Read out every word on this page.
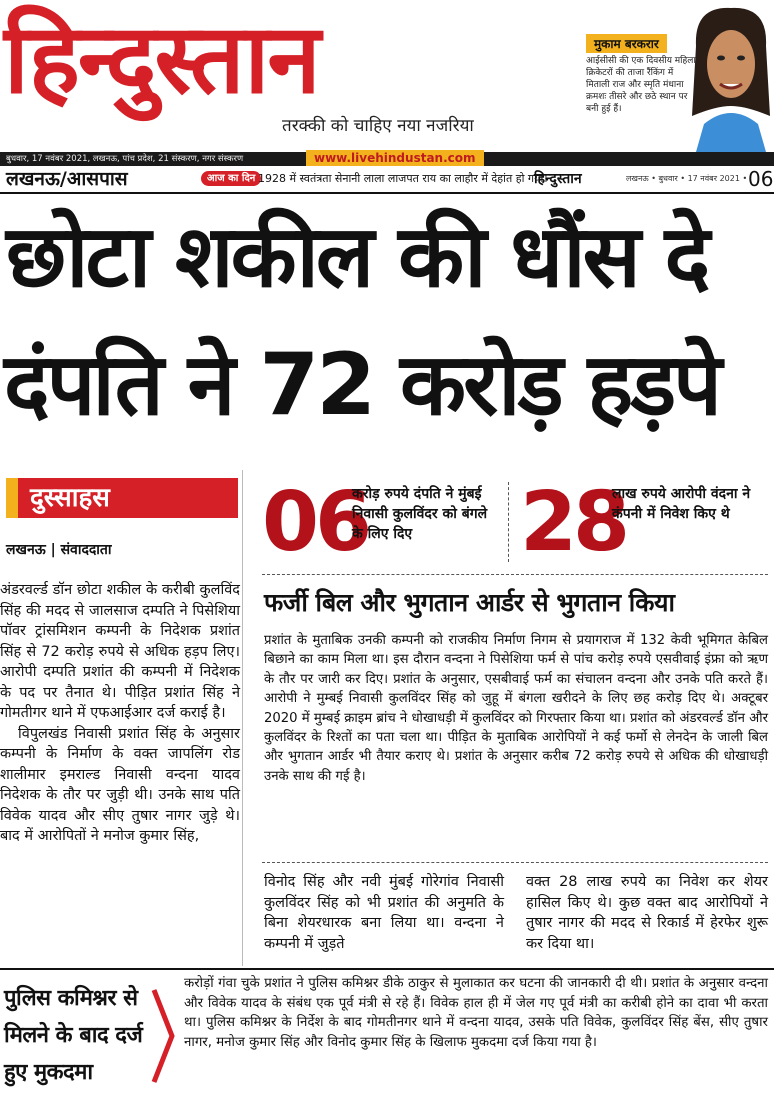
हिन्दुस्तान
तरक्की को चाहिए नया नजरिया
मुकाम बरकरार
आईसीसी की एक दिवसीय महिला क्रिकेटरों की ताजा रैंकिंग में मिताली राज और स्मृति मंधाना क्रमशः तीसरे और छठे स्थान पर बनी हुई हैं।
बुधवार, 17 नवंबर 2021, लखनऊ, पांच प्रदेश, 21 संस्करण, नगर संस्करण	www.livehindustan.com
लखनऊ/आसपास	आज का दिन 1928 में स्वतंत्रता सेनानी लाला लाजपत राय का लाहौर में देहांत हो गया।
हिन्दुस्तान	लखनऊ • बुधवार • 17 नवंबर 2021 • 06
छोटा शकील की धौंस दे
दंपति ने 72 करोड़ हड़पे
दुस्साहस
लखनऊ | संवाददाता

अंडरवर्ल्ड डॉन छोटा शकील के करीबी कुलविंद सिंह की मदद से जालसाज दम्पति ने पिसेशिया पॉवर ट्रांसमिशन कम्पनी के निदेशक प्रशांत सिंह से 72 करोड़ रुपये से अधिक हड़प लिए। आरोपी दम्पति प्रशांत की कम्पनी में निदेशक के पद पर तैनात थे। पीड़ित प्रशांत सिंह ने गोमतीगर थाने में एफआईआर दर्ज कराई है।

विपुलखंड निवासी प्रशांत सिंह के अनुसार कम्पनी के निर्माण के वक्त जापलिंग रोड शालीमार इमराल्ड निवासी वन्दना यादव निदेशक के तौर पर जुड़ी थी। उनके साथ पति विवेक यादव और सीए तुषार नागर जुड़े थे। बाद में आरोपितों ने मनोज कुमार सिंह,

06
करोड़ रुपये दंपति ने मुंबई निवासी कुलविंदर को बंगले के लिए दिए	28
लाख रुपये आरोपी वंदना ने कंपनी में निवेश किए थे
फर्जी बिल और भुगतान आर्डर से भुगतान किया
प्रशांत के मुताबिक उनकी कम्पनी को राजकीय निर्माण निगम से प्रयागराज में 132 केवी भूमिगत केबिल बिछाने का काम मिला था। इस दौरान वन्दना ने पिसेशिया फर्म से पांच करोड़ रुपये एसवीवाई इंफ्रा को ऋण के तौर पर जारी कर दिए। प्रशांत के अनुसार, एसबीवाई फर्म का संचालन वन्दना और उनके पति करते हैं। आरोपी ने मुम्बई निवासी कुलविंदर सिंह को जुहू में बंगला खरीदने के लिए छह करोड़ दिए थे। अक्टूबर 2020 में मुम्बई क्राइम ब्रांच ने धोखाधड़ी में कुलविंदर को गिरफ्तार किया था। प्रशांत को अंडरवर्ल्ड डॉन और कुलविंदर के रिश्तों का पता चला था। पीड़ित के मुताबिक आरोपियों ने कई फर्मो से लेनदेन के जाली बिल और भुगतान आर्डर भी तैयार कराए थे। प्रशांत के अनुसार करीब 72 करोड़ रुपये से अधिक की धोखाधड़ी उनके साथ की गई है।
विनोद सिंह और नवी मुंबई गोरेगांव निवासी कुलविंदर सिंह को भी प्रशांत की अनुमति के बिना शेयरधारक बना लिया था। वन्दना ने कम्पनी में जुड़ते
वक्त 28 लाख रुपये का निवेश कर शेयर हासिल किए थे। कुछ वक्त बाद आरोपियों ने तुषार नागर की मदद से रिकार्ड में हेरफेर शुरू कर दिया था।
पुलिस कमिश्नर से मिलने के बाद दर्ज हुए मुकदमा
करोड़ों गंवा चुके प्रशांत ने पुलिस कमिश्नर डीके ठाकुर से मुलाकात कर घटना की जानकारी दी थी। प्रशांत के अनुसार वन्दना और विवेक यादव के संबंध एक पूर्व मंत्री से रहे हैं। विवेक हाल ही में जेल गए पूर्व मंत्री का करीबी होने का दावा भी करता था। पुलिस कमिश्नर के निर्देश के बाद गोमतीनगर थाने में वन्दना यादव, उसके पति विवेक, कुलविंदर सिंह बेंस, सीए तुषार नागर, मनोज कुमार सिंह और विनोद कुमार सिंह के खिलाफ मुकदमा दर्ज किया गया है।
